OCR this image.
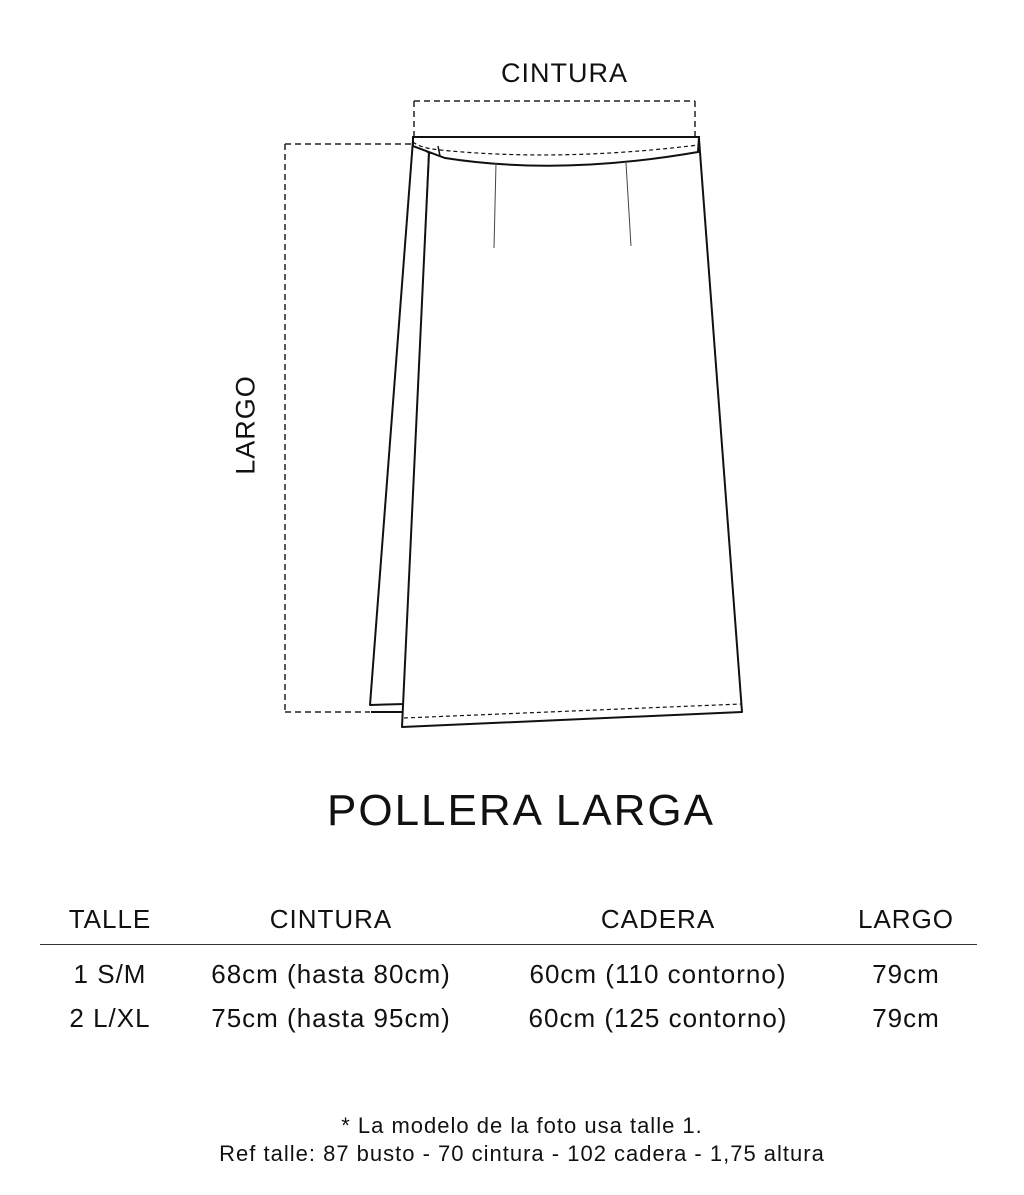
CINTURA
LARGO
POLLERA LARGA
TALLE	CINTURA	CADERA	LARGO
1 S/M 68cm (hasta 80cm)	60cm (110 contorno)	79cm
2 L/XL 75cm (hasta 95cm)	60cm (125 contorno)	79cm
* La modelo de la foto usa talle 1.
Ref talle: 87 busto - 70 cintura - 102 cadera - 1,75 altura
